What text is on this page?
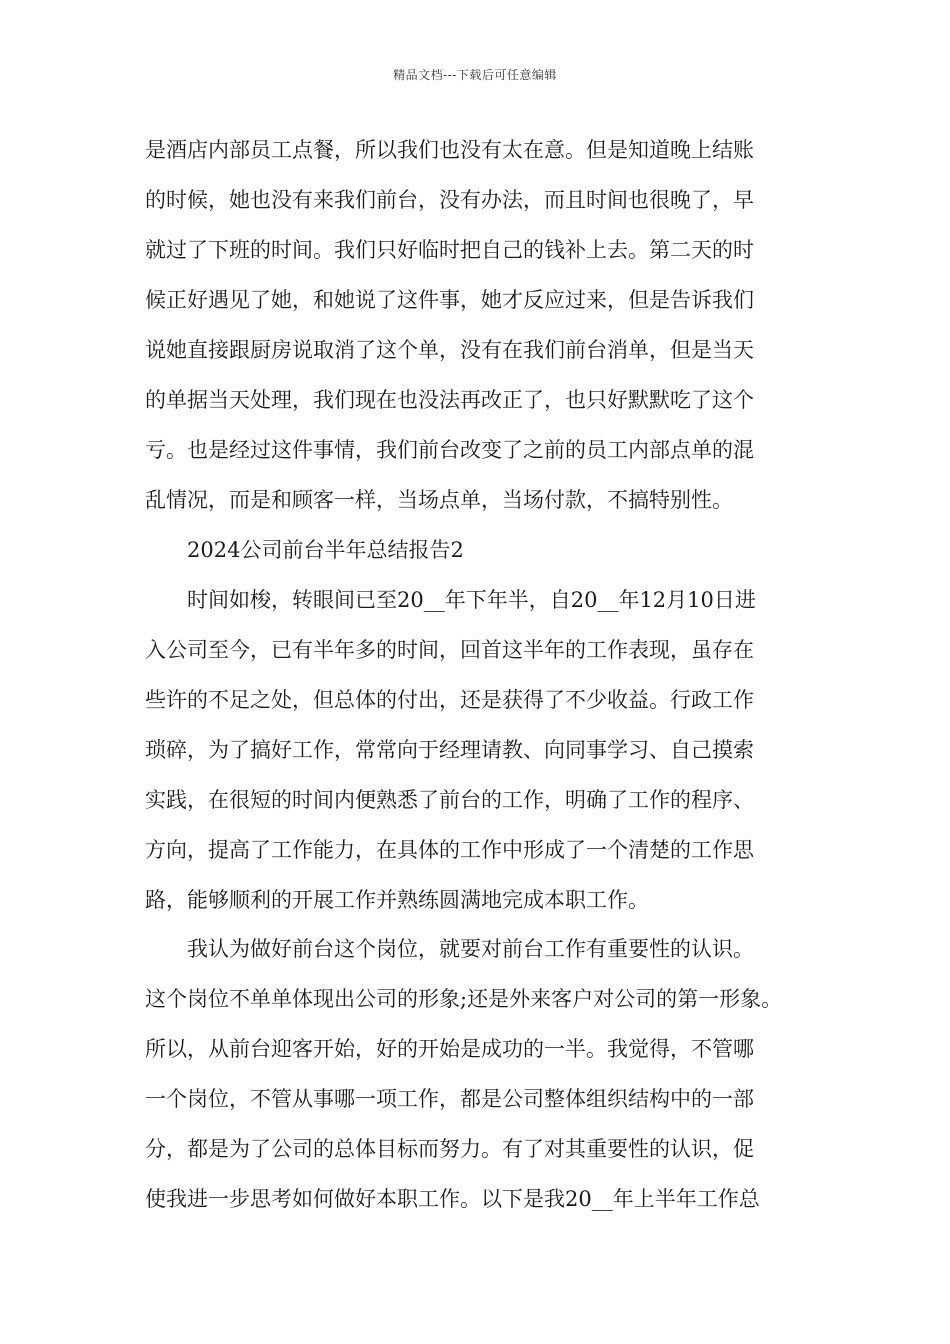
精品文档---下载后可任意编辑
是酒店内部员工点餐，所以我们也没有太在意。但是知道晚上结账
的时候，她也没有来我们前台，没有办法，而且时间也很晚了，早
就过了下班的时间。我们只好临时把自己的钱补上去。第二天的时
候正好遇见了她，和她说了这件事，她才反应过来，但是告诉我们
说她直接跟厨房说取消了这个单，没有在我们前台消单，但是当天
的单据当天处理，我们现在也没法再改正了，也只好默默吃了这个
亏。也是经过这件事情，我们前台改变了之前的员工内部点单的混
乱情况，而是和顾客一样，当场点单，当场付款，不搞特别性。
2024公司前台半年总结报告2
时间如梭，转眼间已至20__年下年半，自20__年12月10日进
入公司至今，已有半年多的时间，回首这半年的工作表现，虽存在
些许的不足之处，但总体的付出，还是获得了不少收益。行政工作
琐碎，为了搞好工作，常常向于经理请教、向同事学习、自己摸索
实践，在很短的时间内便熟悉了前台的工作，明确了工作的程序、
方向，提高了工作能力，在具体的工作中形成了一个清楚的工作思
路，能够顺利的开展工作并熟练圆满地完成本职工作。
我认为做好前台这个岗位，就要对前台工作有重要性的认识。
这个岗位不单单体现出公司的形象;还是外来客户对公司的第一形象。
所以，从前台迎客开始，好的开始是成功的一半。我觉得，不管哪
一个岗位，不管从事哪一项工作，都是公司整体组织结构中的一部
分，都是为了公司的总体目标而努力。有了对其重要性的认识，促
使我进一步思考如何做好本职工作。以下是我20__年上半年工作总
